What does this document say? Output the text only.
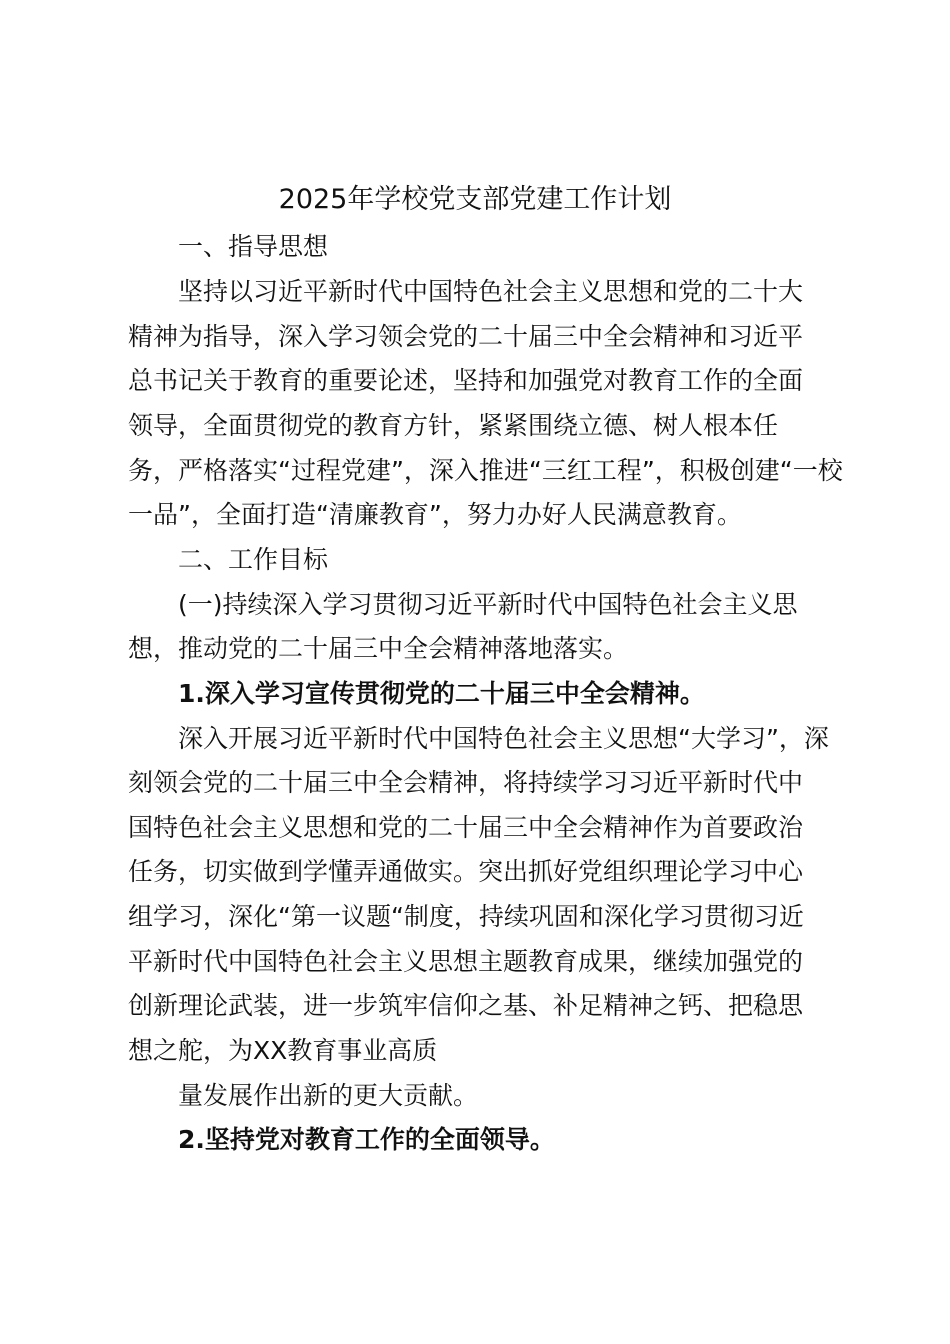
2025年学校党支部党建工作计划
一、指导思想
坚持以习近平新时代中国特色社会主义思想和党的二十大
精神为指导，深入学习领会党的二十届三中全会精神和习近平
总书记关于教育的重要论述，坚持和加强党对教育工作的全面
领导，全面贯彻党的教育方针，紧紧围绕立德、树人根本任
务，严格落实“过程党建”，深入推进“三红工程”，积极创建“一校
一品”，全面打造“清廉教育”，努力办好人民满意教育。
二、工作目标
(一)持续深入学习贯彻习近平新时代中国特色社会主义思
想，推动党的二十届三中全会精神落地落实。
1.深入学习宣传贯彻党的二十届三中全会精神。
深入开展习近平新时代中国特色社会主义思想“大学习”，深
刻领会党的二十届三中全会精神，将持续学习习近平新时代中
国特色社会主义思想和党的二十届三中全会精神作为首要政治
任务，切实做到学懂弄通做实。突出抓好党组织理论学习中心
组学习，深化“第一议题“制度，持续巩固和深化学习贯彻习近
平新时代中国特色社会主义思想主题教育成果，继续加强党的
创新理论武装，进一步筑牢信仰之基、补足精神之钙、把稳思
想之舵，为XX教育事业高质
量发展作出新的更大贡献。
2.坚持党对教育工作的全面领导。
